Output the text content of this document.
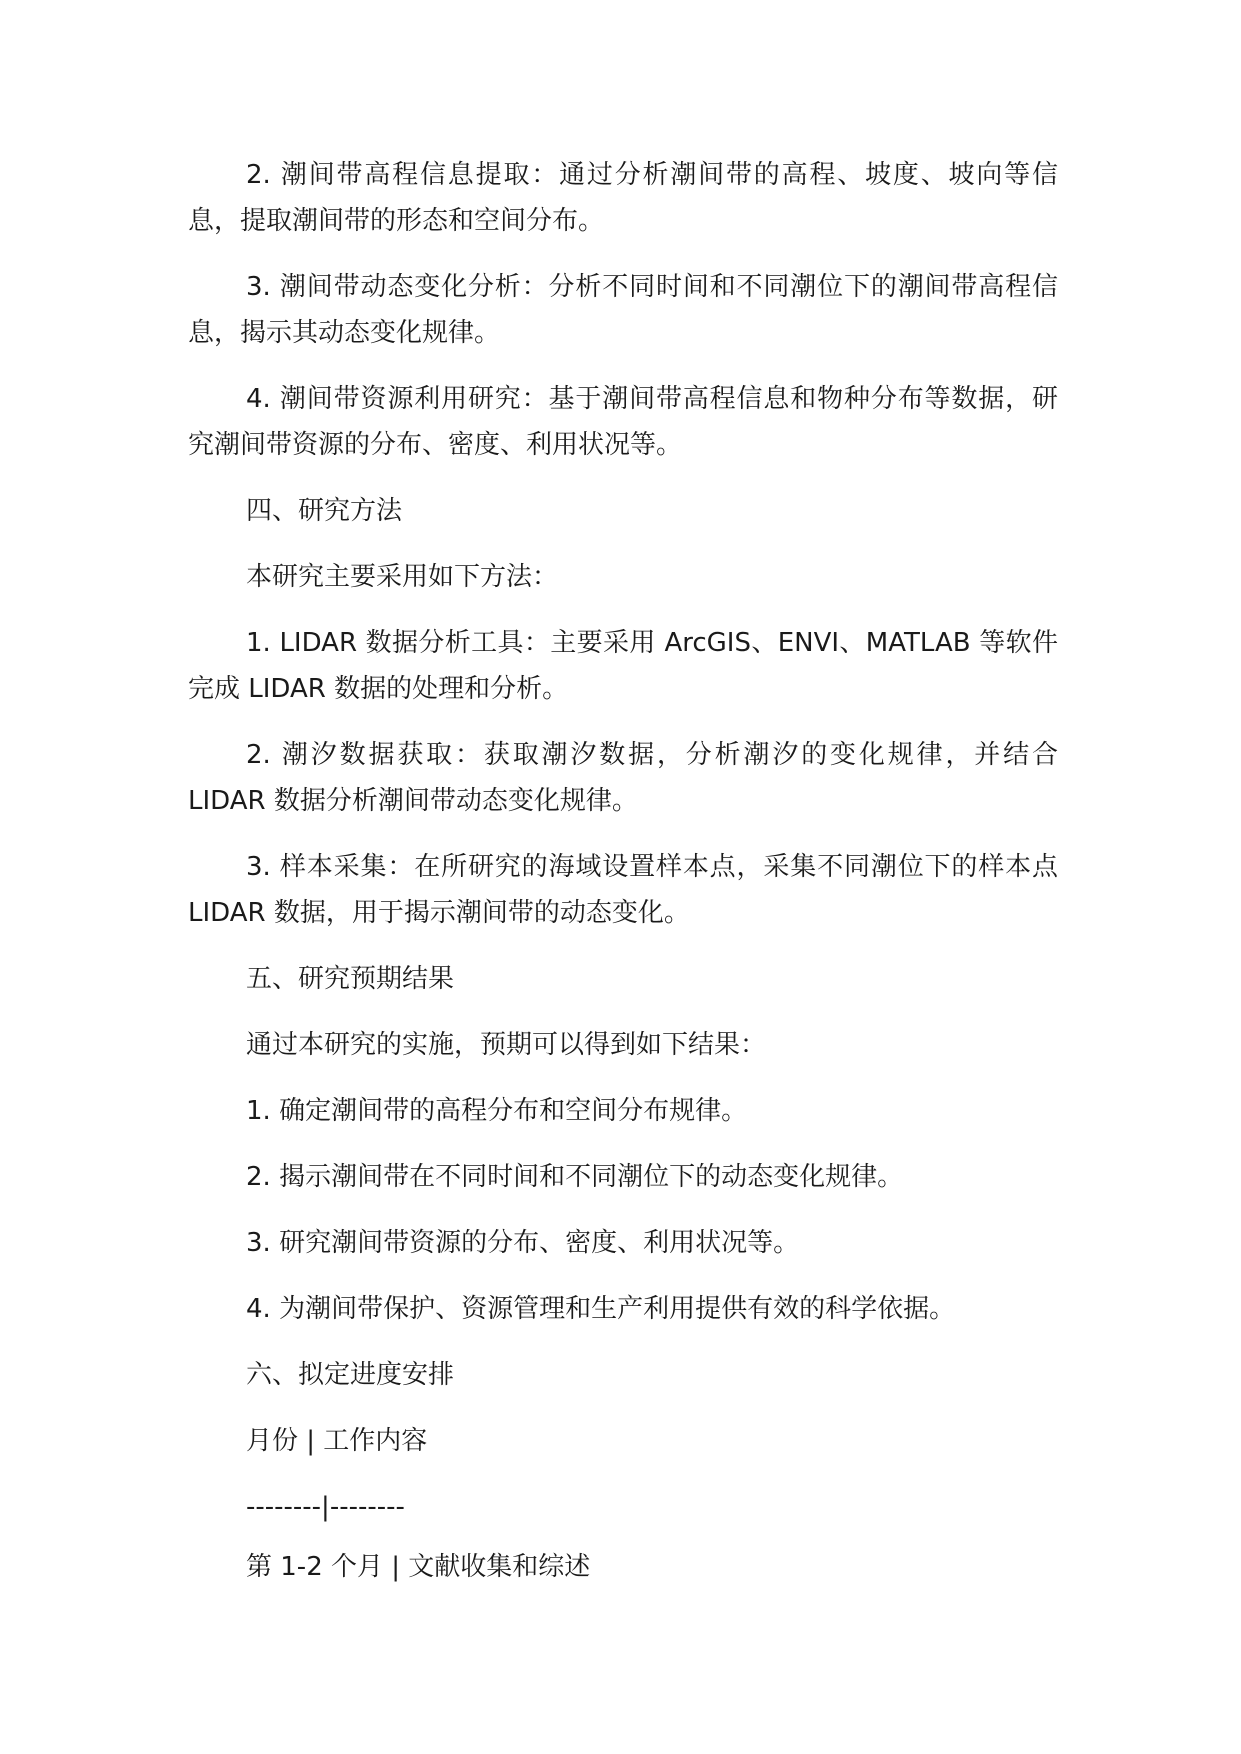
2. 潮间带高程信息提取：通过分析潮间带的高程、坡度、坡向等信息，提取潮间带的形态和空间分布。

3. 潮间带动态变化分析：分析不同时间和不同潮位下的潮间带高程信息，揭示其动态变化规律。

4. 潮间带资源利用研究：基于潮间带高程信息和物种分布等数据，研究潮间带资源的分布、密度、利用状况等。

四、研究方法

本研究主要采用如下方法：

1. LIDAR 数据分析工具：主要采用 ArcGIS、ENVI、MATLAB 等软件完成 LIDAR 数据的处理和分析。

2. 潮汐数据获取：获取潮汐数据，分析潮汐的变化规律，并结合 LIDAR 数据分析潮间带动态变化规律。

3. 样本采集：在所研究的海域设置样本点，采集不同潮位下的样本点 LIDAR 数据，用于揭示潮间带的动态变化。

五、研究预期结果

通过本研究的实施，预期可以得到如下结果：

1. 确定潮间带的高程分布和空间分布规律。

2. 揭示潮间带在不同时间和不同潮位下的动态变化规律。

3. 研究潮间带资源的分布、密度、利用状况等。

4. 为潮间带保护、资源管理和生产利用提供有效的科学依据。

六、拟定进度安排

月份 | 工作内容

--------|--------

第 1-2 个月 | 文献收集和综述
